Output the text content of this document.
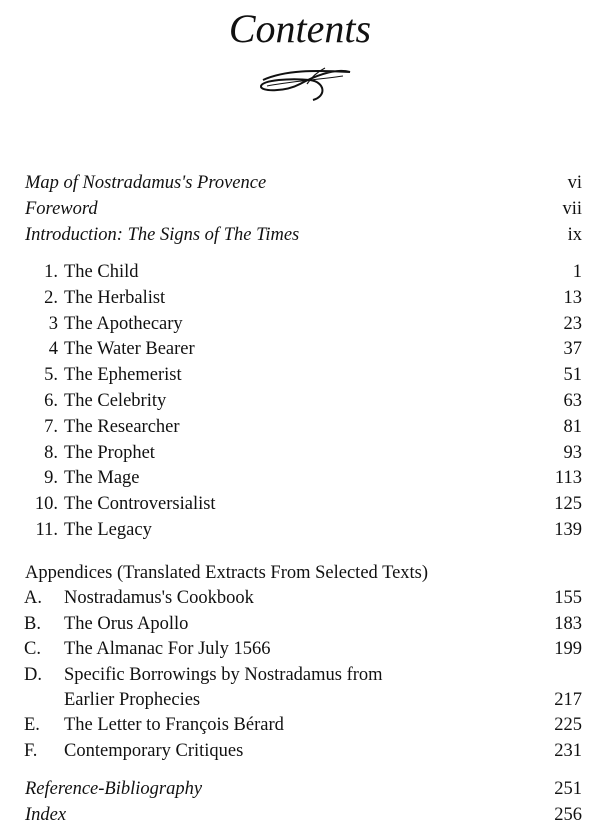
Contents
Map of Nostradamus's Provence	vi
Foreword	vii
Introduction: The Signs of The Times	ix
1. The Child	1
2. The Herbalist	13
3 The Apothecary	23
4 The Water Bearer	37
5. The Ephemerist	51
6. The Celebrity	63
7. The Researcher	81
8. The Prophet	93
9. The Mage	113
10. The Controversialist	125
11. The Legacy	139
Appendices (Translated Extracts From Selected Texts)
A.	Nostradamus's Cookbook	155
B.	The Orus Apollo	183
C.	The Almanac For July 1566	199
D.	Specific Borrowings by Nostradamus from
Earlier Prophecies	217
E.	The Letter to François Bérard	225
F.	Contemporary Critiques	231
Reference-Bibliography	251
Index	256
